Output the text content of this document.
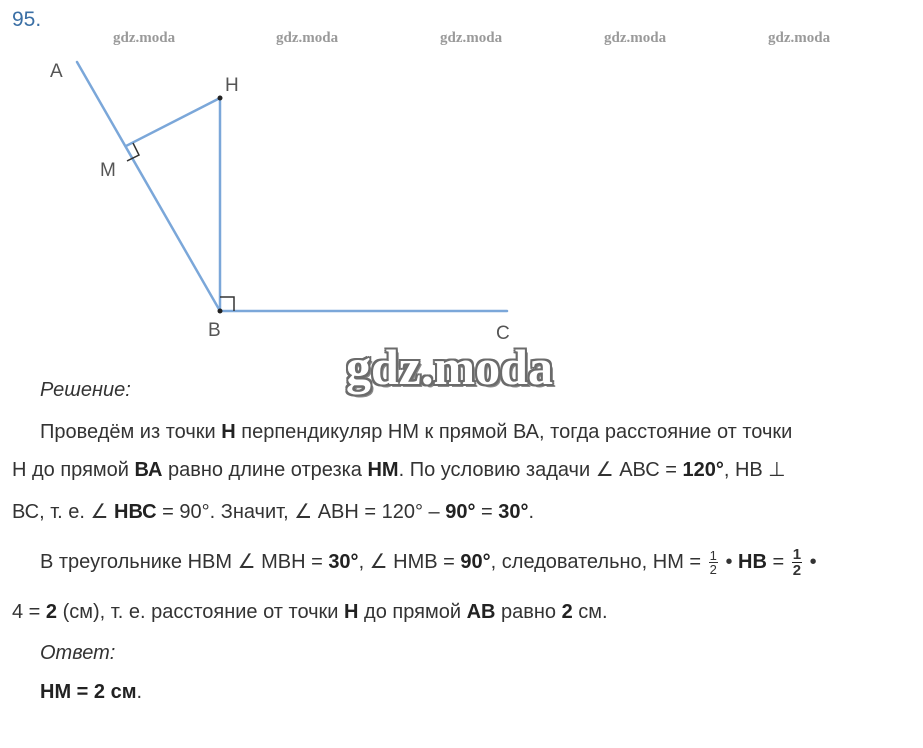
95.
gdz.moda	gdz.moda	gdz.moda	gdz.moda	gdz.moda
A
H
M
B	C
gdz.moda
Решение:
Проведём из точки Н перпендикуляр НМ к прямой ВА, тогда расстояние от точки
Н до прямой ВА равно длине отрезка НМ. По условию задачи ∠ АВС = 120°, НВ ⊥
ВС, т. е. ∠ НВС = 90°. Значит, ∠ АВН = 120° – 90° = 30°.
В треугольнике НВМ ∠ МВН = 30°, ∠ НМВ = 90°, следовательно, НМ = $\frac{1}{2}$ • НВ = $\frac{1}{2}$ •
4 = 2 (см), т. е. расстояние от точки Н до прямой АВ равно 2 см.
Ответ:
НМ = 2 см.
